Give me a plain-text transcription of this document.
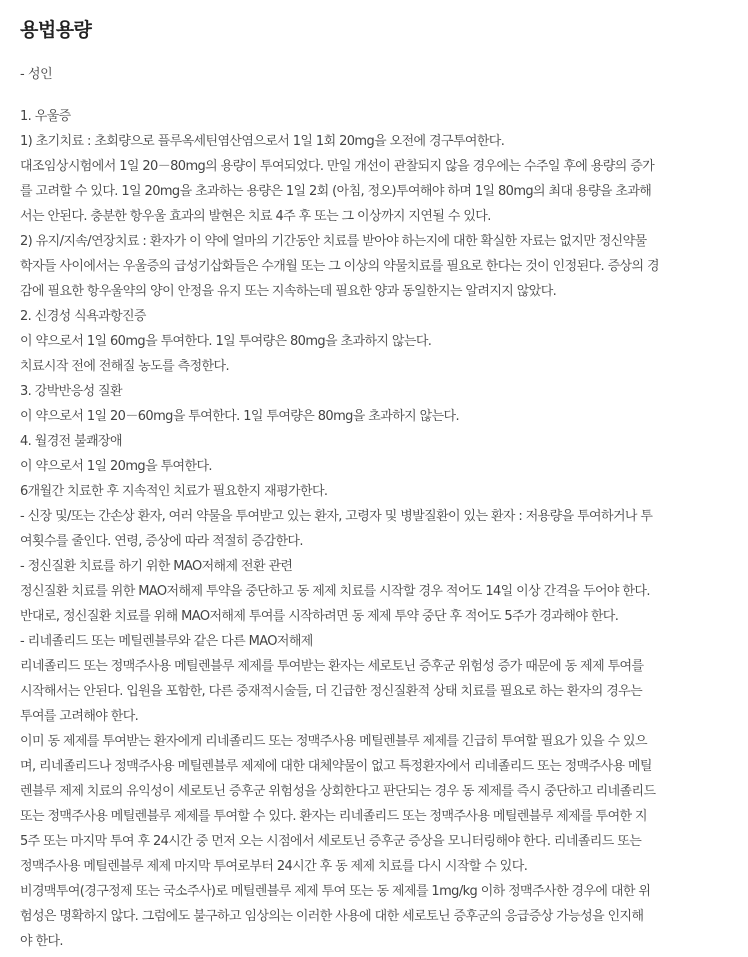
용법용량
- 성인
1. 우울증
1) 초기치료 : 초회량으로 플루옥세틴염산염으로서 1일 1회 20mg을 오전에 경구투여한다.
대조임상시험에서 1일 20－80mg의 용량이 투여되었다. 만일 개선이 관찰되지 않을 경우에는 수주일 후에 용량의 증가
를 고려할 수 있다. 1일 20mg을 초과하는 용량은 1일 2회 (아침, 정오)투여해야 하며 1일 80mg의 최대 용량을 초과해
서는 안된다. 충분한 항우울 효과의 발현은 치료 4주 후 또는 그 이상까지 지연될 수 있다.
2) 유지/지속/연장치료 : 환자가 이 약에 얼마의 기간동안 치료를 받아야 하는지에 대한 확실한 자료는 없지만 정신약물
학자들 사이에서는 우울증의 급성기삽화들은 수개월 또는 그 이상의 약물치료를 필요로 한다는 것이 인정된다. 증상의 경
감에 필요한 항우울약의 양이 안정을 유지 또는 지속하는데 필요한 양과 동일한지는 알려지지 않았다.
2. 신경성 식욕과항진증
이 약으로서 1일 60mg을 투여한다. 1일 투여량은 80mg을 초과하지 않는다.
치료시작 전에 전해질 농도를 측정한다.
3. 강박반응성 질환
이 약으로서 1일 20－60mg을 투여한다. 1일 투여량은 80mg을 초과하지 않는다.
4. 월경전 불쾌장애
이 약으로서 1일 20mg을 투여한다.
6개월간 치료한 후 지속적인 치료가 필요한지 재평가한다.
- 신장 및/또는 간손상 환자, 여러 약물을 투여받고 있는 환자, 고령자 및 병발질환이 있는 환자 : 저용량을 투여하거나 투
여횟수를 줄인다. 연령, 증상에 따라 적절히 증감한다.
- 정신질환 치료를 하기 위한 MAO저해제 전환 관련
정신질환 치료를 위한 MAO저해제 투약을 중단하고 동 제제 치료를 시작할 경우 적어도 14일 이상 간격을 두어야 한다.
반대로, 정신질환 치료를 위해 MAO저해제 투여를 시작하려면 동 제제 투약 중단 후 적어도 5주가 경과해야 한다.
- 리네졸리드 또는 메틸렌블루와 같은 다른 MAO저해제
리네졸리드 또는 정맥주사용 메틸렌블루 제제를 투여받는 환자는 세로토닌 증후군 위험성 증가 때문에 동 제제 투여를
시작해서는 안된다. 입원을 포함한, 다른 중재적시술들, 더 긴급한 정신질환적 상태 치료를 필요로 하는 환자의 경우는
투여를 고려해야 한다.
이미 동 제제를 투여받는 환자에게 리네졸리드 또는 정맥주사용 메틸렌블루 제제를 긴급히 투여할 필요가 있을 수 있으
며, 리네졸리드나 정맥주사용 메틸렌블루 제제에 대한 대체약물이 없고 특정환자에서 리네졸리드 또는 정맥주사용 메틸
렌블루 제제 치료의 유익성이 세로토닌 증후군 위험성을 상회한다고 판단되는 경우 동 제제를 즉시 중단하고 리네졸리드
또는 정맥주사용 메틸렌블루 제제를 투여할 수 있다. 환자는 리네졸리드 또는 정맥주사용 메틸렌블루 제제를 투여한 지
5주 또는 마지막 투여 후 24시간 중 먼저 오는 시점에서 세로토닌 증후군 증상을 모니터링해야 한다. 리네졸리드 또는
정맥주사용 메틸렌블루 제제 마지막 투여로부터 24시간 후 동 제제 치료를 다시 시작할 수 있다.
비경맥투여(경구정제 또는 국소주사)로 메틸렌블루 제제 투여 또는 동 제제를 1mg/kg 이하 정맥주사한 경우에 대한 위
험성은 명확하지 않다. 그럼에도 불구하고 임상의는 이러한 사용에 대한 세로토닌 증후군의 응급증상 가능성을 인지해
야 한다.
